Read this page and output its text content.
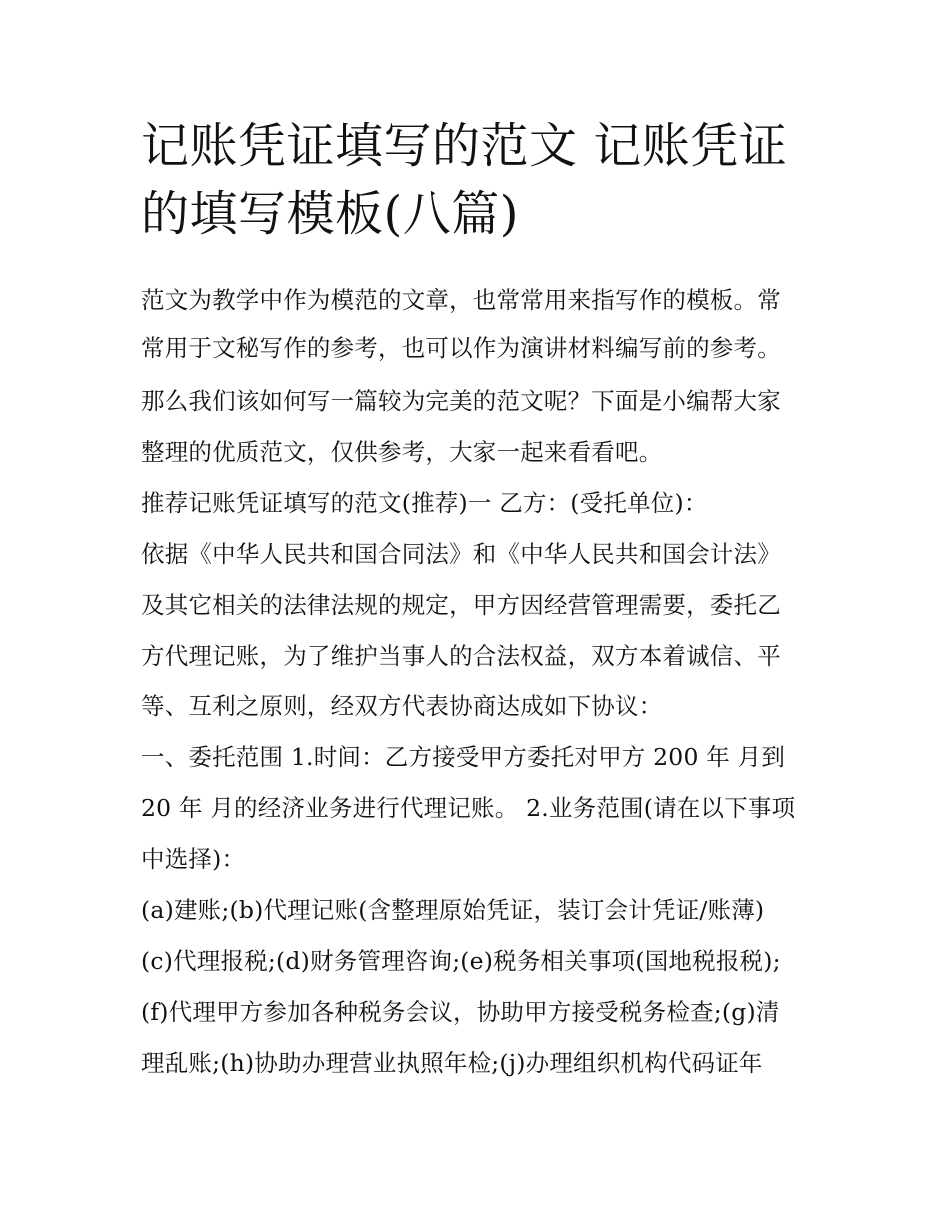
记账凭证填写的范文 记账凭证
的填写模板(八篇)

范文为教学中作为模范的文章，也常常用来指写作的模板。常

常用于文秘写作的参考，也可以作为演讲材料编写前的参考。

那么我们该如何写一篇较为完美的范文呢？下面是小编帮大家

整理的优质范文，仅供参考，大家一起来看看吧。

推荐记账凭证填写的范文(推荐)一 乙方：(受托单位)：

依据《中华人民共和国合同法》和《中华人民共和国会计法》

及其它相关的法律法规的规定，甲方因经营管理需要，委托乙

方代理记账，为了维护当事人的合法权益，双方本着诚信、平

等、互利之原则，经双方代表协商达成如下协议：

一、委托范围 1.时间：乙方接受甲方委托对甲方 200 年 月到

20 年 月的经济业务进行代理记账。 2.业务范围(请在以下事项

中选择)：

(a)建账;(b)代理记账(含整理原始凭证，装订会计凭证/账薄)

(c)代理报税;(d)财务管理咨询;(e)税务相关事项(国地税报税);

(f)代理甲方参加各种税务会议，协助甲方接受税务检查;(g)清

理乱账;(h)协助办理营业执照年检;(j)办理组织机构代码证年
